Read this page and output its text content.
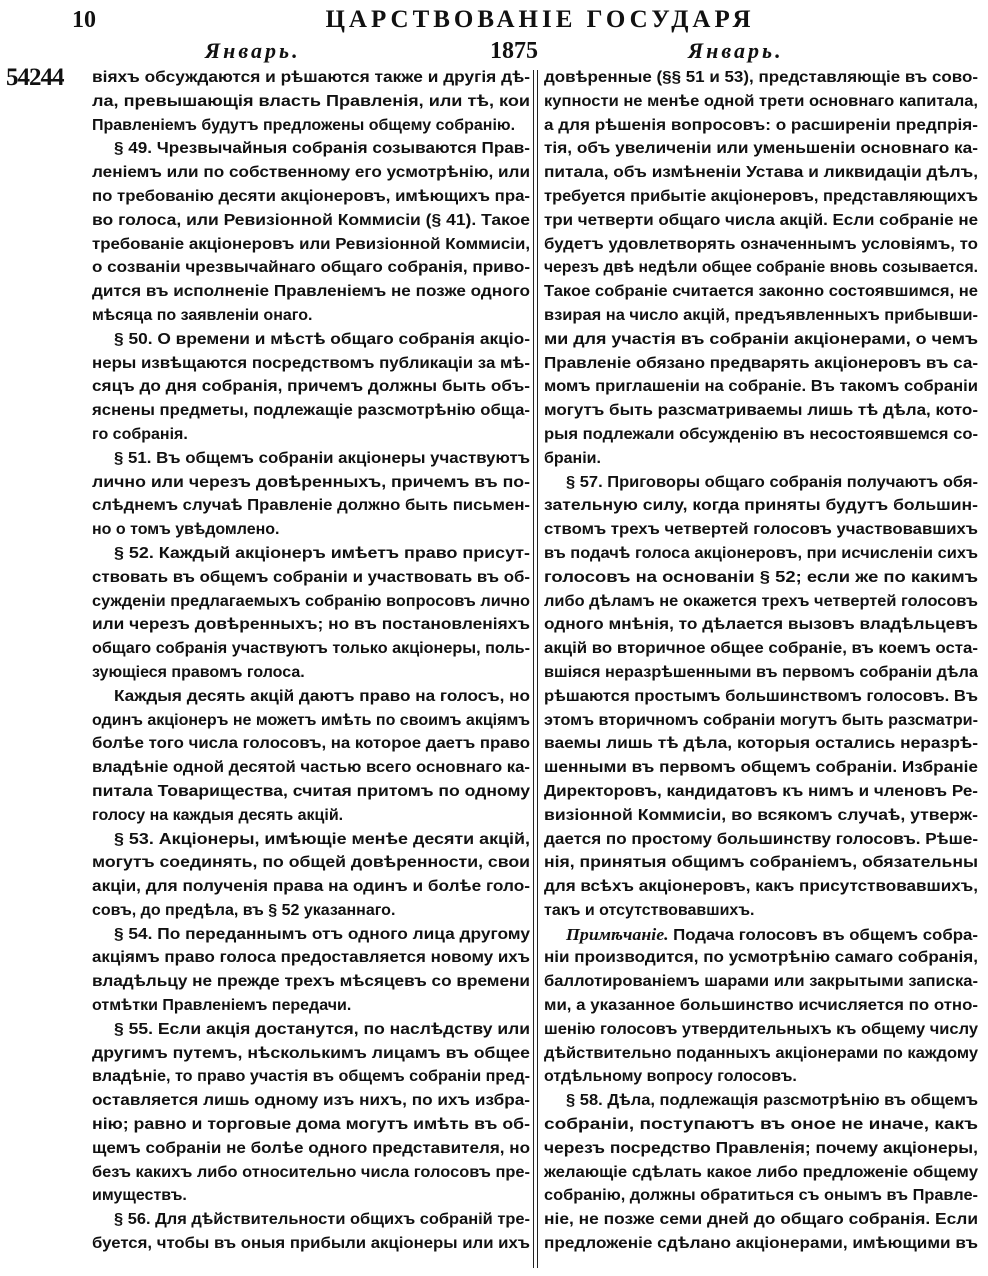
10	ЦАРСТВОВАНІЕ ГОСУДАРЯ
Январь.	1875	Январь.
54244 віяхъ обсуждаются и рѣшаются также и другія дѣ-
ла, превышающія власть Правленія, или тѣ, кои
Правленіемъ будутъ предложены общему собранію.
§ 49. Чрезвычайныя собранія созываются Прав-
леніемъ или по собственному его усмотрѣнію, или
по требованію десяти акціонеровъ, имѣющихъ пра-
во голоса, или Ревизіонной Коммисіи (§ 41). Такое
требованіе акціонеровъ или Ревизіонной Коммисіи,
о созваніи чрезвычайнаго общаго собранія, приво-
дится въ исполненіе Правленіемъ не позже одного
мѣсяца по заявленіи онаго.
§ 50. О времени и мѣстѣ общаго собранія акціо-
неры извѣщаются посредствомъ публикаціи за мѣ-
сяцъ до дня собранія, причемъ должны быть объ-
яснены предметы, подлежащіе разсмотрѣнію обща-
го собранія.
§ 51. Въ общемъ собраніи акціонеры участвуютъ
лично или черезъ довѣренныхъ, причемъ въ по-
слѣднемъ случаѣ Правленіе должно быть письмен-
но о томъ увѣдомлено.
§ 52. Каждый акціонеръ имѣетъ право присут-
ствовать въ общемъ собраніи и участвовать въ об-
сужденіи предлагаемыхъ собранію вопросовъ лично
или черезъ довѣренныхъ; но въ постановленіяхъ
общаго собранія участвуютъ только акціонеры, поль-
зующіеся правомъ голоса.
Каждыя десять акцій даютъ право на голосъ, но
одинъ акціонеръ не можетъ имѣть по своимъ акціямъ
болѣе того числа голосовъ, на которое даетъ право
владѣніе одной десятой частью всего основнаго ка-
питала Товарищества, считая притомъ по одному
голосу на каждыя десять акцій.
§ 53. Акціонеры, имѣющіе менѣе десяти акцій,
могутъ соединять, по общей довѣренности, свои
акціи, для полученія права на одинъ и болѣе голо-
совъ, до предѣла, въ § 52 указаннаго.
§ 54. По переданнымъ отъ одного лица другому
акціямъ право голоса предоставляется новому ихъ
владѣльцу не прежде трехъ мѣсяцевъ со времени
отмѣтки Правленіемъ передачи.
§ 55. Если акція достанутся, по наслѣдству или
другимъ путемъ, нѣсколькимъ лицамъ въ общее
владѣніе, то право участія въ общемъ собраніи пред-
оставляется лишь одному изъ нихъ, по ихъ избра-
нію; равно и торговые дома могутъ имѣть въ об-
щемъ собраніи не болѣе одного представителя, но
безъ какихъ либо относительно числа голосовъ пре-
имуществъ.
§ 56. Для дѣйствительности общихъ собраній тре-
буется, чтобы въ оныя прибыли акціонеры или ихъ
довѣренные (§§ 51 и 53), представляющіе въ сово-
купности не менѣе одной трети основнаго капитала,
а для рѣшенія вопросовъ: о расширеніи предпрія-
тія, объ увеличеніи или уменьшеніи основнаго ка-
питала, объ измѣненіи Устава и ликвидаціи дѣлъ,
требуется прибытіе акціонеровъ, представляющихъ
три четверти общаго числа акцій. Если собраніе не
будетъ удовлетворять означеннымъ условіямъ, то
черезъ двѣ недѣли общее собраніе вновь созывается.
Такое собраніе считается законно состоявшимся, не
взирая на число акцій, предъявленныхъ прибывши-
ми для участія въ собраніи акціонерами, о чемъ
Правленіе обязано предварять акціонеровъ въ са-
момъ приглашеніи на собраніе. Въ такомъ собраніи
могутъ быть разсматриваемы лишь тѣ дѣла, кото-
рыя подлежали обсужденію въ несостоявшемся со-
браніи.
§ 57. Приговоры общаго собранія получаютъ обя-
зательную силу, когда приняты будутъ большин-
ствомъ трехъ четвертей голосовъ участвовавшихъ
въ подачѣ голоса акціонеровъ, при исчисленіи сихъ
голосовъ на основаніи § 52; если же по какимъ
либо дѣламъ не окажется трехъ четвертей голосовъ
одного мнѣнія, то дѣлается вызовъ владѣльцевъ
акцій во вторичное общее собраніе, въ коемъ оста-
вшіяся неразрѣшенными въ первомъ собраніи дѣла
рѣшаются простымъ большинствомъ голосовъ. Въ
этомъ вторичномъ собраніи могутъ быть разсматри-
ваемы лишь тѣ дѣла, которыя остались неразрѣ-
шенными въ первомъ общемъ собраніи. Избраніе
Директоровъ, кандидатовъ къ нимъ и членовъ Ре-
визіонной Коммисіи, во всякомъ случаѣ, утверж-
дается по простому большинству голосовъ. Рѣше-
нія, принятыя общимъ собраніемъ, обязательны
для всѣхъ акціонеровъ, какъ присутствовавшихъ,
такъ и отсутствовавшихъ.
Примѣчаніе. Подача голосовъ въ общемъ собра-
ніи производится, по усмотрѣнію самаго собранія,
баллотированіемъ шарами или закрытыми записка-
ми, а указанное большинство исчисляется по отно-
шенію голосовъ утвердительныхъ къ общему числу
дѣйствительно поданныхъ акціонерами по каждому
отдѣльному вопросу голосовъ.
§ 58. Дѣла, подлежащія разсмотрѣнію въ общемъ
собраніи, поступаютъ въ оное не иначе, какъ
черезъ посредство Правленія; почему акціонеры,
желающіе сдѣлать какое либо предложеніе общему
собранію, должны обратиться съ онымъ въ Правле-
ніе, не позже семи дней до общаго собранія. Если
предложеніе сдѣлано акціонерами, имѣющими въ
